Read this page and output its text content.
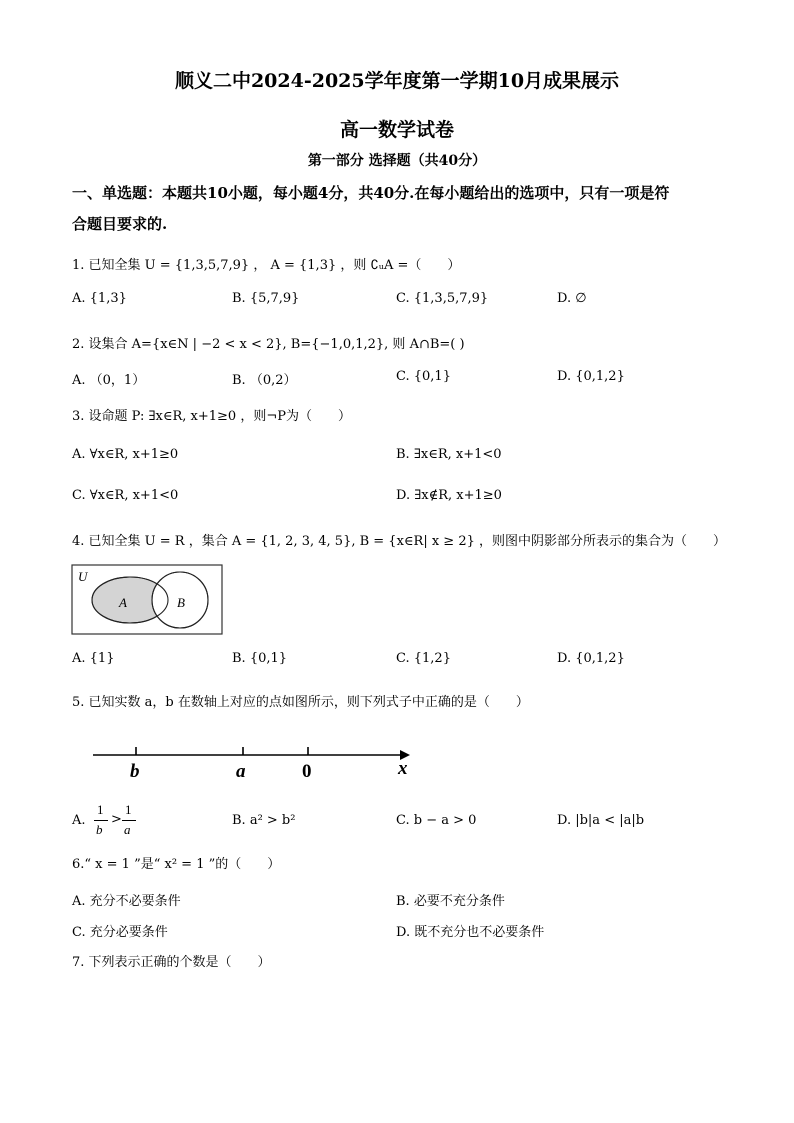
顺义二中2024-2025学年度第一学期10月成果展示
高一数学试卷
第一部分 选择题（共40分）
一、单选题：本题共10小题，每小题4分，共40分.在每小题给出的选项中，只有一项是符
合题目要求的.
1. 已知全集 U = {1,3,5,7,9} ， A = {1,3} ，则 ∁ᵤA =（　　）
A. {1,3}	B. {5,7,9}	C. {1,3,5,7,9}	D. ∅
2. 设集合 A={x∈N | −2 < x < 2}, B={−1,0,1,2}, 则 A∩B=( )
A. （0，1）	B. （0,2）	C. {0,1}	D. {0,1,2}
3. 设命题 P: ∃x∈R, x+1≥0 ，则¬P为（　　）
A. ∀x∈R, x+1≥0	B. ∃x∈R, x+1<0
C. ∀x∈R, x+1<0	D. ∃x∉R, x+1≥0
4. 已知全集 U = R ，集合 A = {1, 2, 3, 4, 5}, B = {x∈R| x ≥ 2} ，则图中阴影部分所表示的集合为（　　）
U
A	B
A. {1}	B. {0,1}	C. {1,2}	D. {0,1,2}
5. 已知实数 a，b 在数轴上对应的点如图所示，则下列式子中正确的是（　　）
b	a	0	x
A.
1
b
>
1
a
B. a² > b²	C. b − a > 0	D. |b|a < |a|b
6.“ x = 1 ”是“ x² = 1 ”的（　　）
A. 充分不必要条件	B. 必要不充分条件
C. 充分必要条件	D. 既不充分也不必要条件
7. 下列表示正确的个数是（　　）
